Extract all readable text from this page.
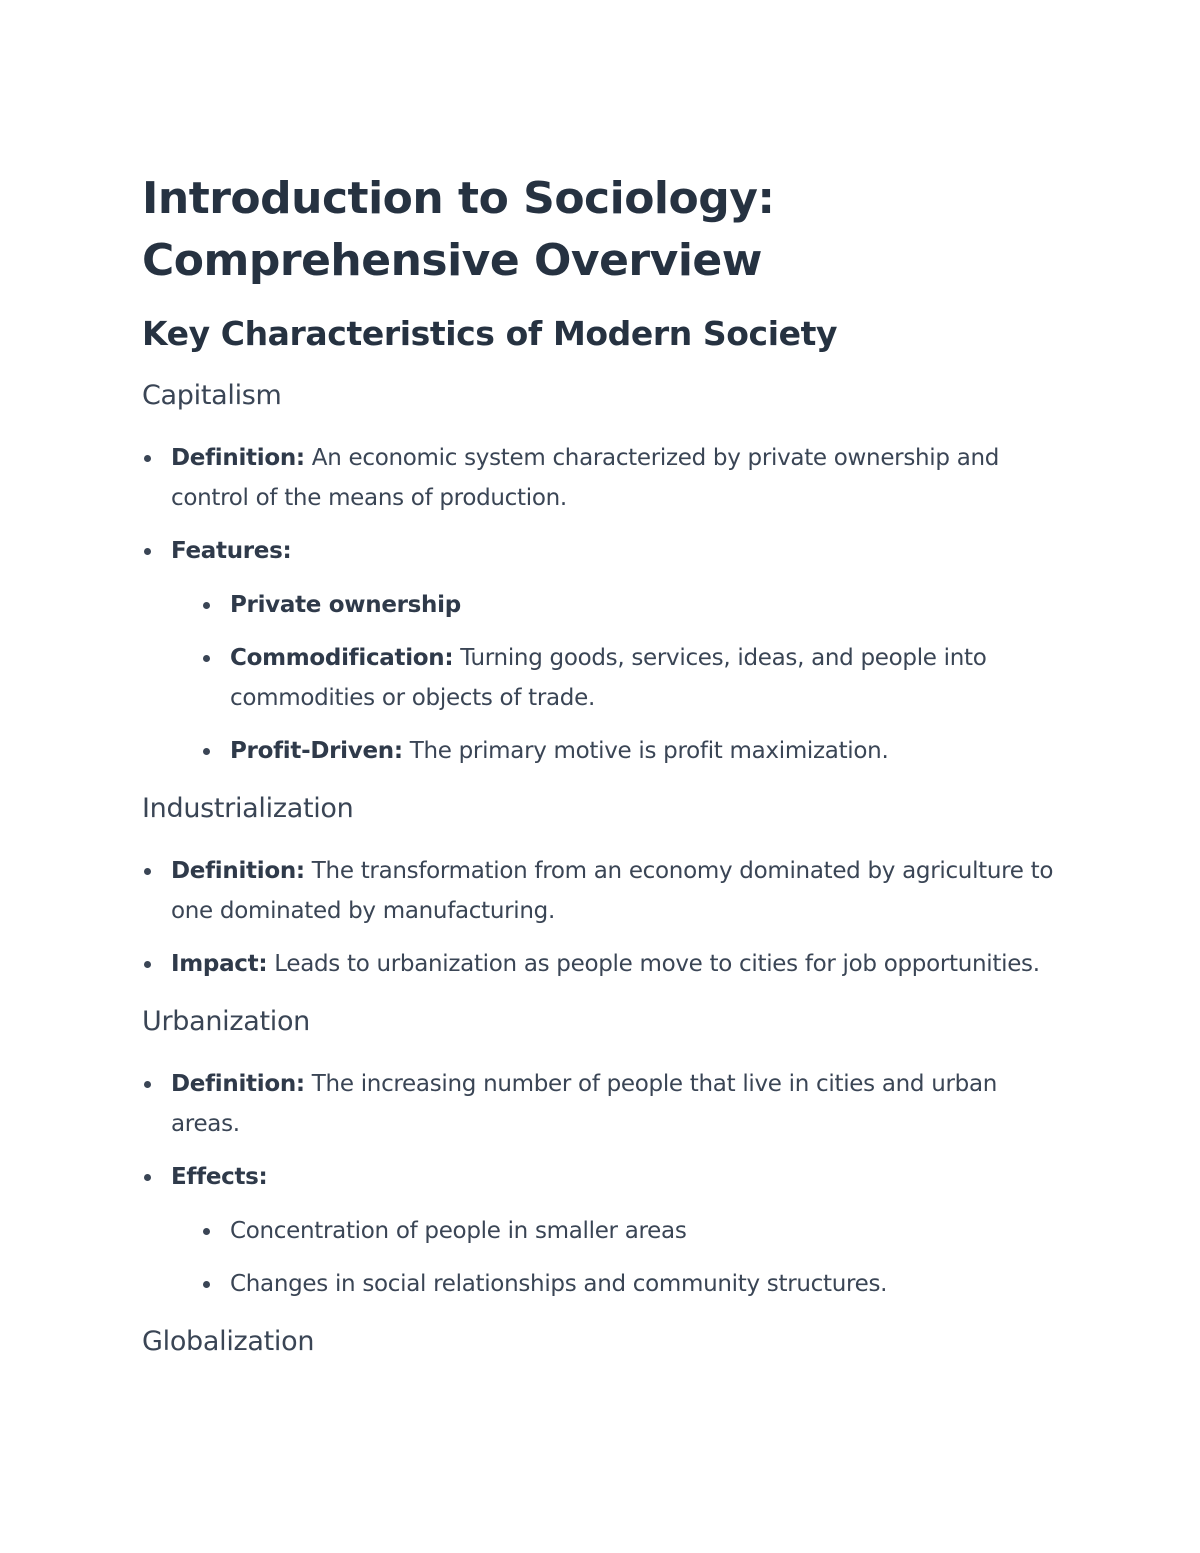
Introduction to Sociology:
Comprehensive Overview
Key Characteristics of Modern Society
Capitalism
Definition: An economic system characterized by private ownership and control of the means of production.
Features:
Private ownership
Commodification: Turning goods, services, ideas, and people into commodities or objects of trade.
Profit-Driven: The primary motive is profit maximization.
Industrialization
Definition: The transformation from an economy dominated by agriculture to one dominated by manufacturing.
Impact: Leads to urbanization as people move to cities for job opportunities.
Urbanization
Definition: The increasing number of people that live in cities and urban areas.
Effects:
Concentration of people in smaller areas
Changes in social relationships and community structures.
Globalization
